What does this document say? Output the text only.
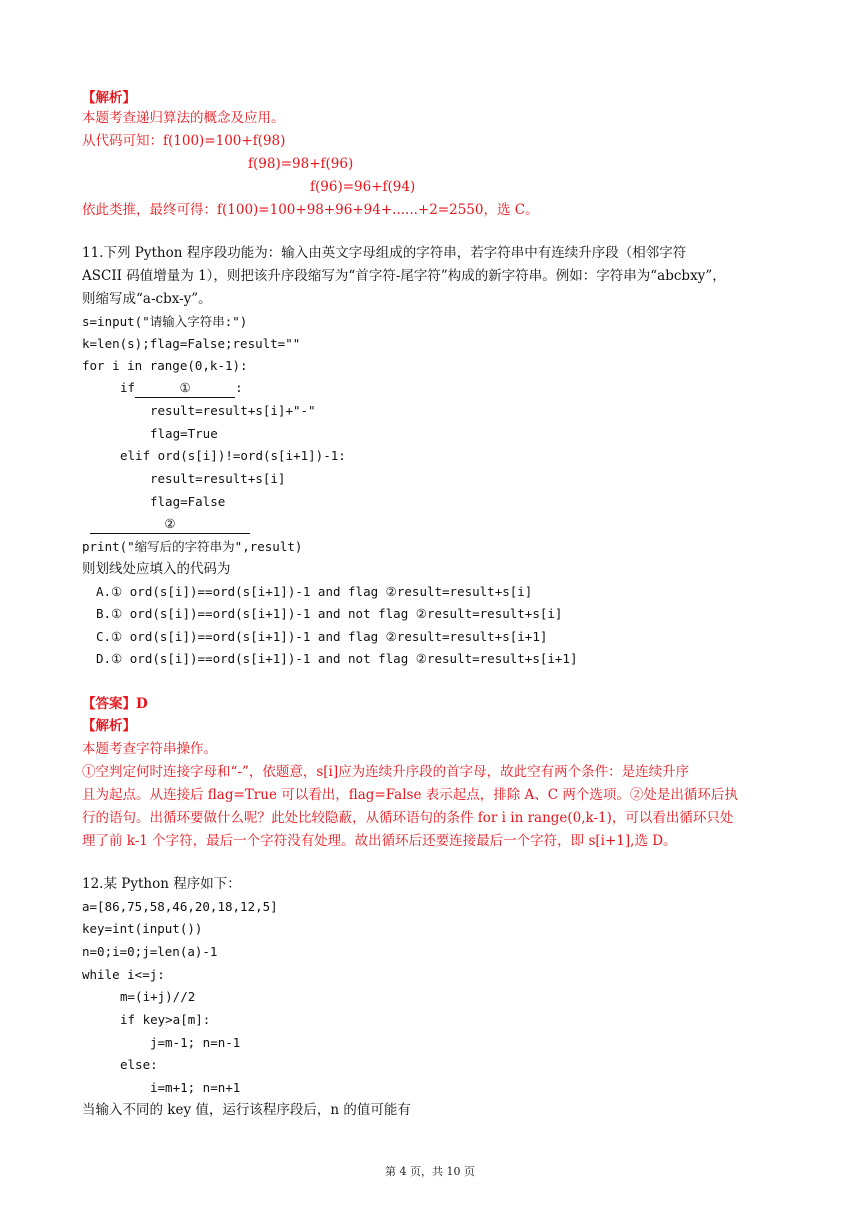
【解析】
本题考查递归算法的概念及应用。
从代码可知：f(100)=100+f(98)
f(98)=98+f(96)
f(96)=96+f(94)
依此类推，最终可得：f(100)=100+98+96+94+......+2=2550，选 C。
11.下列 Python 程序段功能为：输入由英文字母组成的字符串，若字符串中有连续升序段（相邻字符
ASCII 码值增量为 1），则把该升序段缩写为“首字符-尾字符”构成的新字符串。例如：字符串为“abcbxy”，
则缩写成“a-cbx-y”。
s=input("请输入字符串:")
k=len(s);flag=False;result=""
for i in range(0,k-1):
if	①	:
result=result+s[i]+"-"
flag=True
elif ord(s[i])!=ord(s[i+1])-1:
result=result+s[i]
flag=False
②
print("缩写后的字符串为",result)
则划线处应填入的代码为
A.① ord(s[i])==ord(s[i+1])-1 and flag ②result=result+s[i]
B.① ord(s[i])==ord(s[i+1])-1 and not flag ②result=result+s[i]
C.① ord(s[i])==ord(s[i+1])-1 and flag ②result=result+s[i+1]
D.① ord(s[i])==ord(s[i+1])-1 and not flag ②result=result+s[i+1]
【答案】D
【解析】
本题考查字符串操作。
①空判定何时连接字母和“-”，依题意，s[i]应为连续升序段的首字母，故此空有两个条件：是连续升序
且为起点。从连接后 flag=True 可以看出，flag=False 表示起点，排除 A、C 两个选项。②处是出循环后执
行的语句。出循环要做什么呢？此处比较隐蔽，从循环语句的条件 for i in range(0,k-1)，可以看出循环只处
理了前 k-1 个字符，最后一个字符没有处理。故出循环后还要连接最后一个字符，即 s[i+1],选 D。
12.某 Python 程序如下：
a=[86,75,58,46,20,18,12,5]
key=int(input())
n=0;i=0;j=len(a)-1
while i<=j:
m=(i+j)//2
if key>a[m]:
j=m-1; n=n-1
else:
i=m+1; n=n+1
当输入不同的 key 值，运行该程序段后，n 的值可能有
第 4 页，共 10 页
